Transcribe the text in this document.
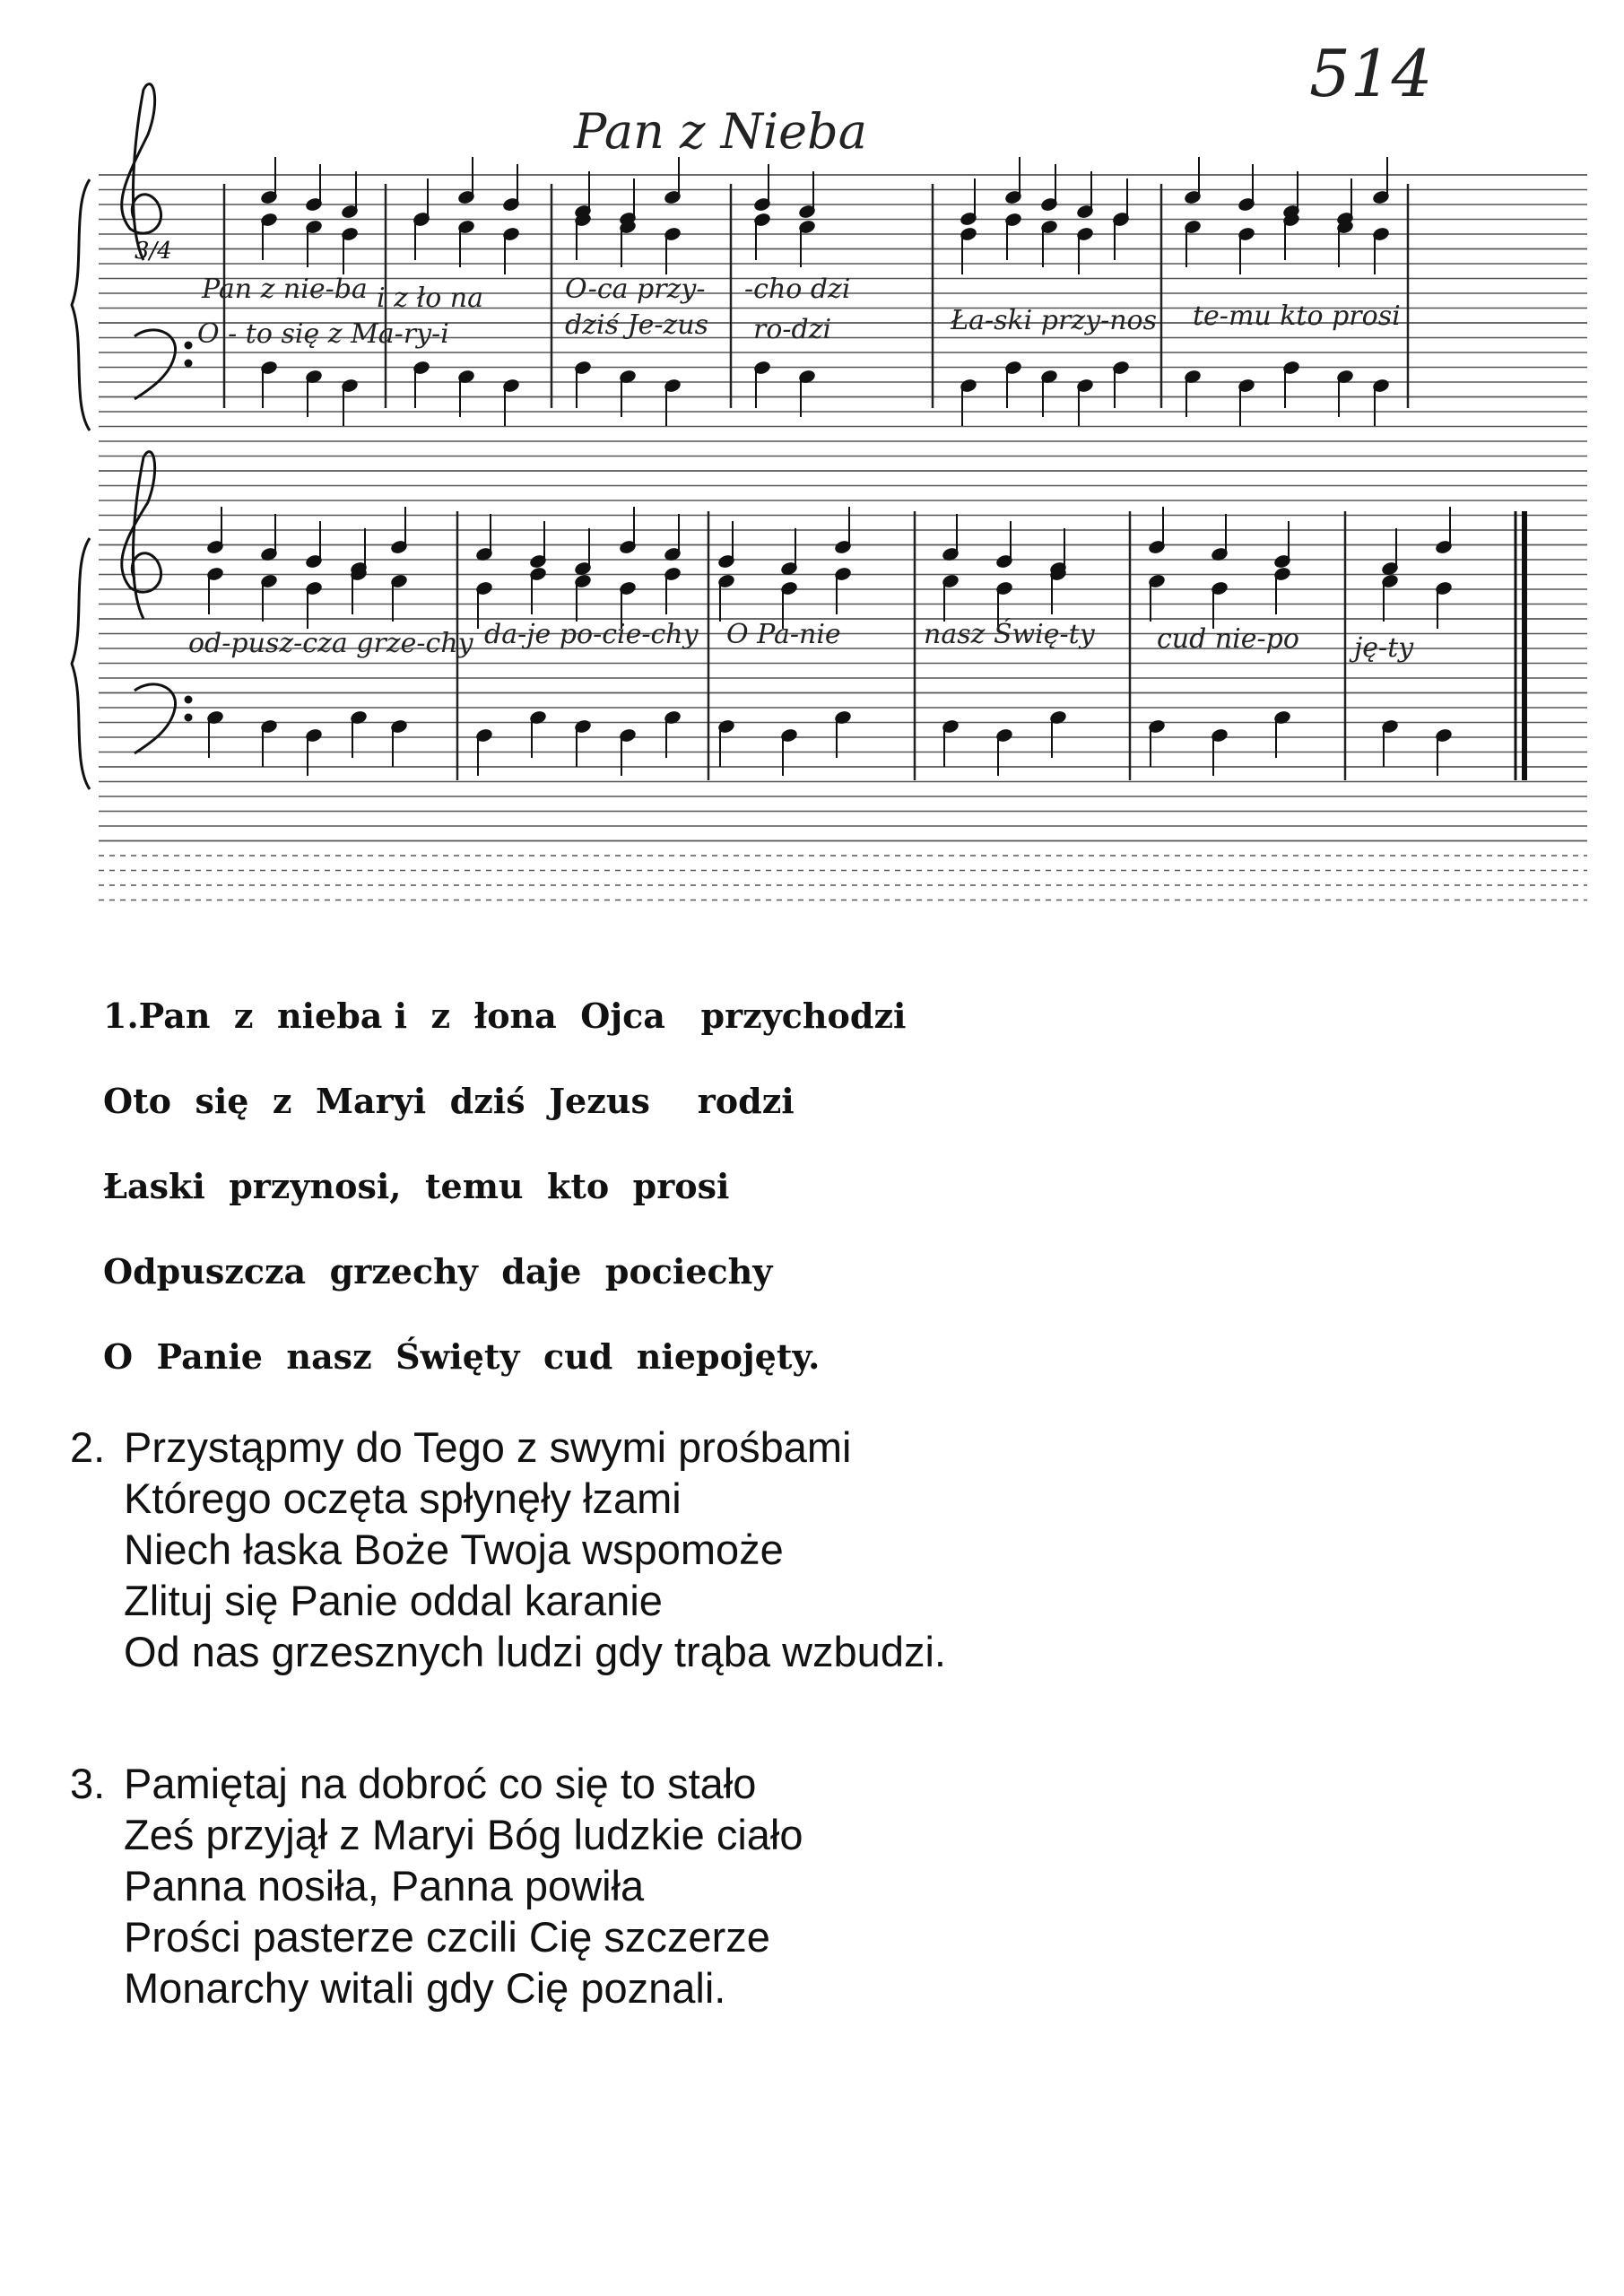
514
Pan z Nieba
3/4
Pan z nie-ba i z ło na	O-ca przy- -cho dzi
Ła-ski przy-nos te-mu kto prosi
O - to się z Ma-ry-i	dziś Je-zus ro-dzi
od-pusz-cza grze-chy da-je po-cie-chy O Pa-nie	nasz Świę-ty cud nie-po ję-ty
1.Pan  z  nieba i  z  łona  Ojca   przychodzi
Oto  się  z  Maryi  dziś  Jezus    rodzi
Łaski  przynosi,  temu  kto  prosi
Odpuszcza  grzechy  daje  pociechy
O  Panie  nasz  Święty  cud  niepojęty.
2. Przystąpmy do Tego z swymi prośbami
Którego oczęta spłynęły łzami
Niech łaska Boże Twoja wspomoże
Zlituj się Panie oddal karanie
Od nas grzesznych ludzi gdy trąba wzbudzi.
3. Pamiętaj na dobroć co się to stało
Ześ przyjął z Maryi Bóg ludzkie ciało
Panna nosiła, Panna powiła
Prości pasterze czcili Cię szczerze
Monarchy witali gdy Cię poznali.
